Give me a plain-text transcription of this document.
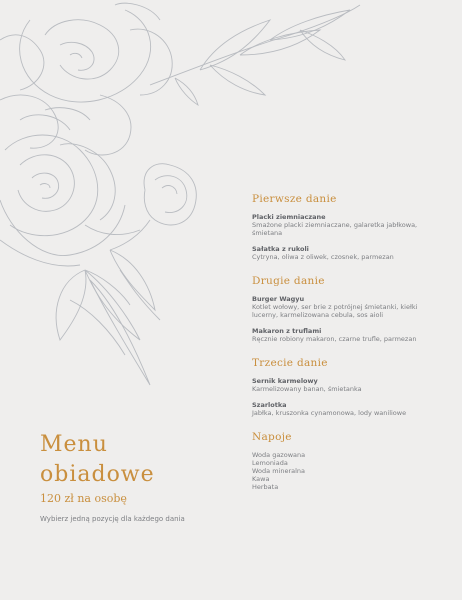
Menu
obiadowe
120 zł na osobę
Wybierz jedną pozycję dla każdego dania
Pierwsze danie
Placki ziemniaczane
Smażone placki ziemniaczane, galaretka jabłkowa, śmietana
Sałatka z rukoli
Cytryna, oliwa z oliwek, czosnek, parmezan
Drugie danie
Burger Wagyu
Kotlet wołowy, ser brie z potrójnej śmietanki, kiełki lucerny, karmelizowana cebula, sos aioli
Makaron z truflami
Ręcznie robiony makaron, czarne trufle, parmezan
Trzecie danie
Sernik karmelowy
Karmelizowany banan, śmietanka
Szarlotka
Jabłka, kruszonka cynamonowa, lody waniliowe
Napoje
Woda gazowana
Lemoniada
Woda mineralna
Kawa
Herbata
